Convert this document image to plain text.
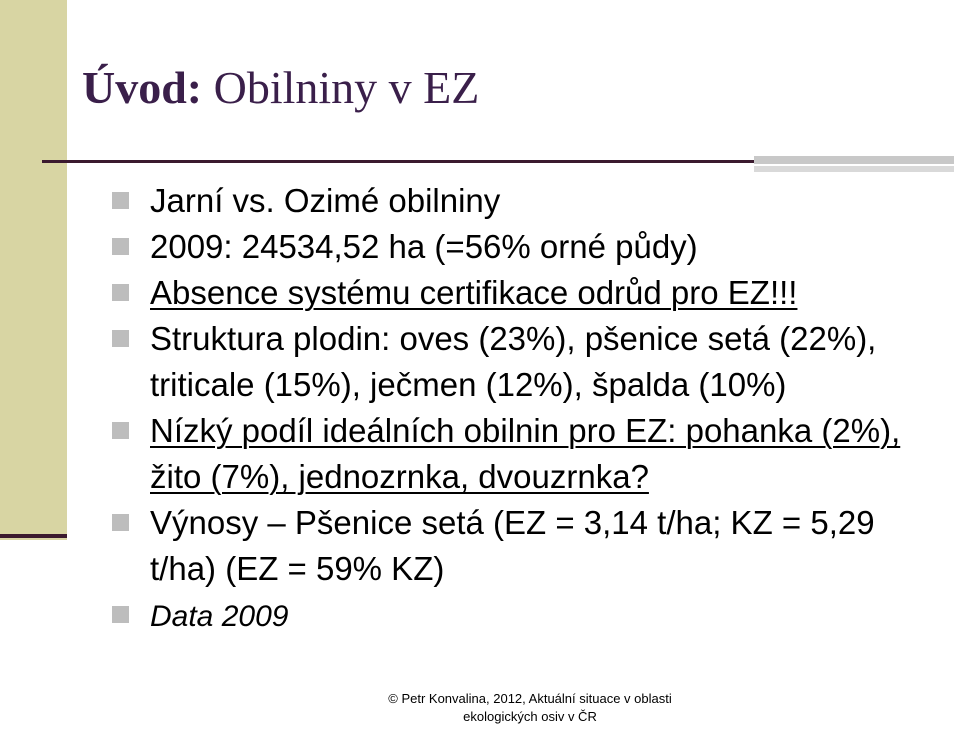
Úvod: Obilniny v EZ
Jarní vs. Ozimé obilniny
2009: 24534,52 ha (=56% orné půdy)
Absence systému certifikace odrůd pro EZ!!!
Struktura plodin: oves (23%), pšenice setá (22%), triticale (15%), ječmen (12%), špalda (10%)
Nízký podíl ideálních obilnin pro EZ: pohanka (2%), žito (7%), jednozrnka, dvouzrnka?
Výnosy – Pšenice setá (EZ = 3,14 t/ha; KZ = 5,29 t/ha) (EZ = 59% KZ)
Data 2009
© Petr Konvalina, 2012, Aktuální situace v oblasti
ekologických osiv v ČR
